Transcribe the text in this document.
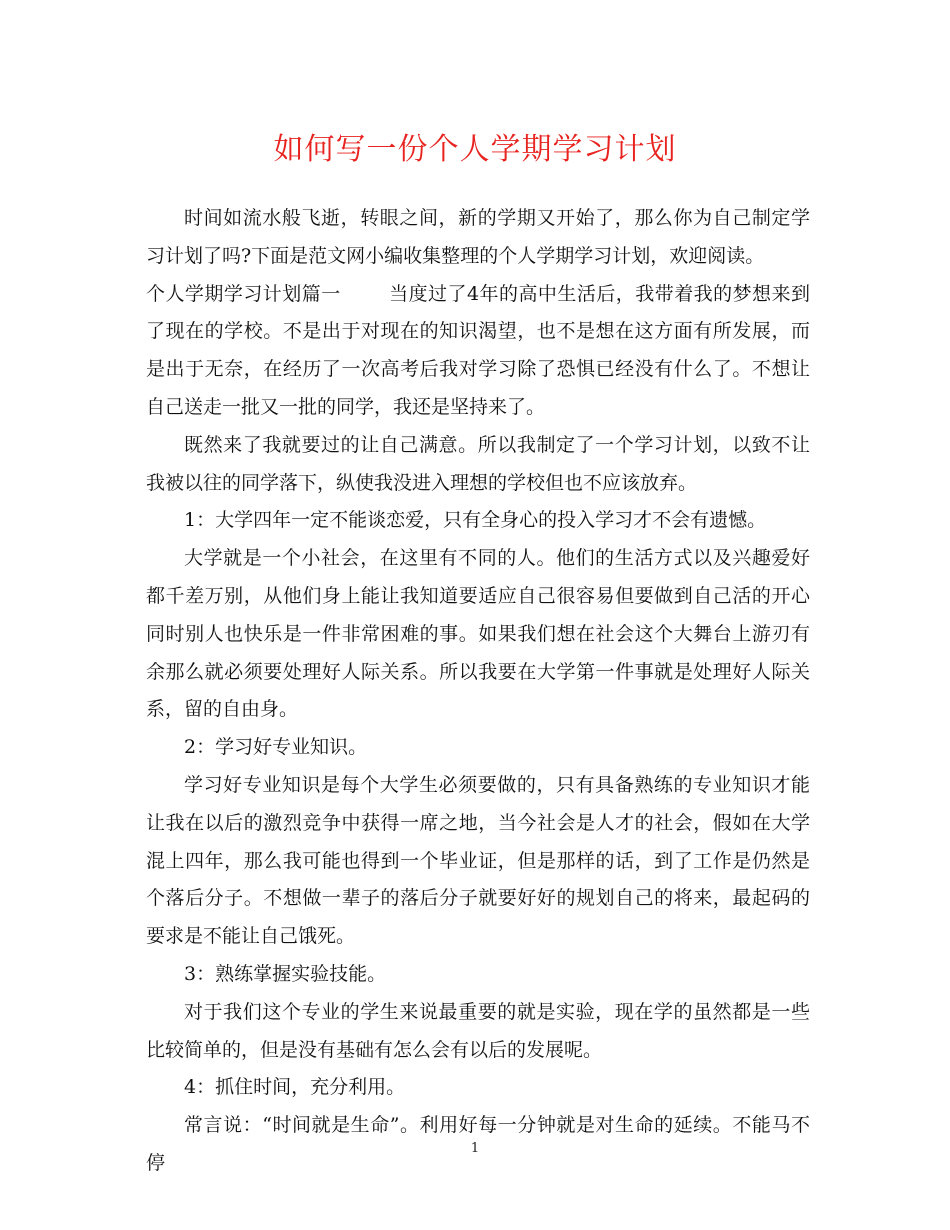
如何写一份个人学期学习计划

时间如流水般飞逝，转眼之间，新的学期又开始了，那么你为自己制定学习计划了吗?下面是范文网小编收集整理的个人学期学习计划，欢迎阅读。

个人学期学习计划篇一	当度过了4年的高中生活后，我带着我的梦想来到了现在的学校。不是出于对现在的知识渴望，也不是想在这方面有所发展，而是出于无奈，在经历了一次高考后我对学习除了恐惧已经没有什么了。不想让自己送走一批又一批的同学，我还是坚持来了。

既然来了我就要过的让自己满意。所以我制定了一个学习计划，以致不让我被以往的同学落下，纵使我没进入理想的学校但也不应该放弃。

1：大学四年一定不能谈恋爱，只有全身心的投入学习才不会有遗憾。

大学就是一个小社会，在这里有不同的人。他们的生活方式以及兴趣爱好都千差万别，从他们身上能让我知道要适应自己很容易但要做到自己活的开心同时别人也快乐是一件非常困难的事。如果我们想在社会这个大舞台上游刃有余那么就必须要处理好人际关系。所以我要在大学第一件事就是处理好人际关系，留的自由身。

2：学习好专业知识。

学习好专业知识是每个大学生必须要做的，只有具备熟练的专业知识才能让我在以后的激烈竞争中获得一席之地，当今社会是人才的社会，假如在大学混上四年，那么我可能也得到一个毕业证，但是那样的话，到了工作是仍然是个落后分子。不想做一辈子的落后分子就要好好的规划自己的将来，最起码的要求是不能让自己饿死。

3：熟练掌握实验技能。

对于我们这个专业的学生来说最重要的就是实验，现在学的虽然都是一些比较简单的，但是没有基础有怎么会有以后的发展呢。

4：抓住时间，充分利用。

常言说：“时间就是生命”。利用好每一分钟就是对生命的延续。不能马不停

1
